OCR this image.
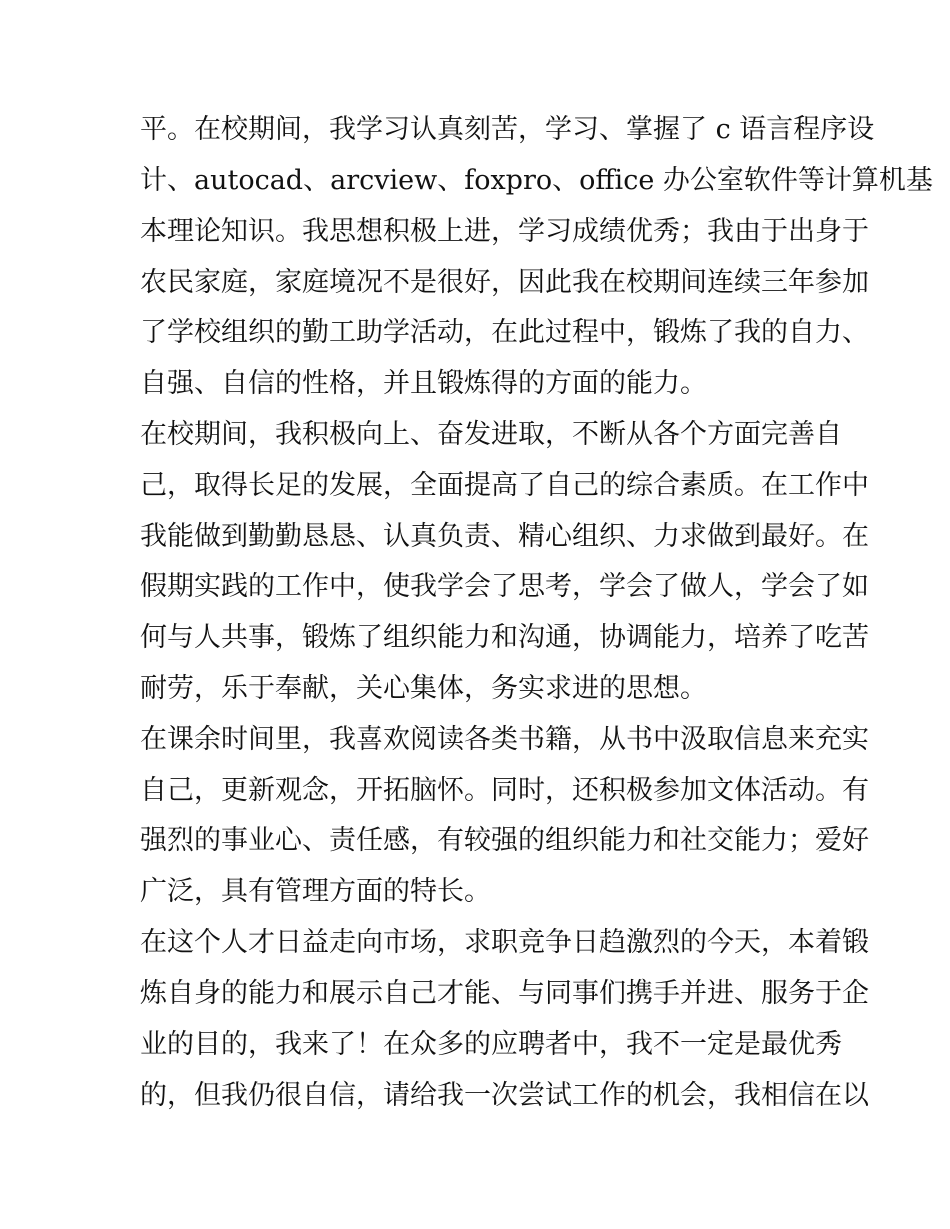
平。在校期间，我学习认真刻苦，学习、掌握了 c 语言程序设
计、autocad、arcview、foxpro、office 办公室软件等计算机基
本理论知识。我思想积极上进，学习成绩优秀；我由于出身于
农民家庭，家庭境况不是很好，因此我在校期间连续三年参加
了学校组织的勤工助学活动，在此过程中，锻炼了我的自力、
自强、自信的性格，并且锻炼得的方面的能力。
在校期间，我积极向上、奋发进取，不断从各个方面完善自
己，取得长足的发展，全面提高了自己的综合素质。在工作中
我能做到勤勤恳恳、认真负责、精心组织、力求做到最好。在
假期实践的工作中，使我学会了思考，学会了做人，学会了如
何与人共事，锻炼了组织能力和沟通，协调能力，培养了吃苦
耐劳，乐于奉献，关心集体，务实求进的思想。
在课余时间里，我喜欢阅读各类书籍，从书中汲取信息来充实
自己，更新观念，开拓脑怀。同时，还积极参加文体活动。有
强烈的事业心、责任感，有较强的组织能力和社交能力；爱好
广泛，具有管理方面的特长。
在这个人才日益走向市场，求职竞争日趋激烈的今天，本着锻
炼自身的能力和展示自己才能、与同事们携手并进、服务于企
业的目的，我来了！在众多的应聘者中，我不一定是最优秀
的，但我仍很自信，请给我一次尝试工作的机会，我相信在以
